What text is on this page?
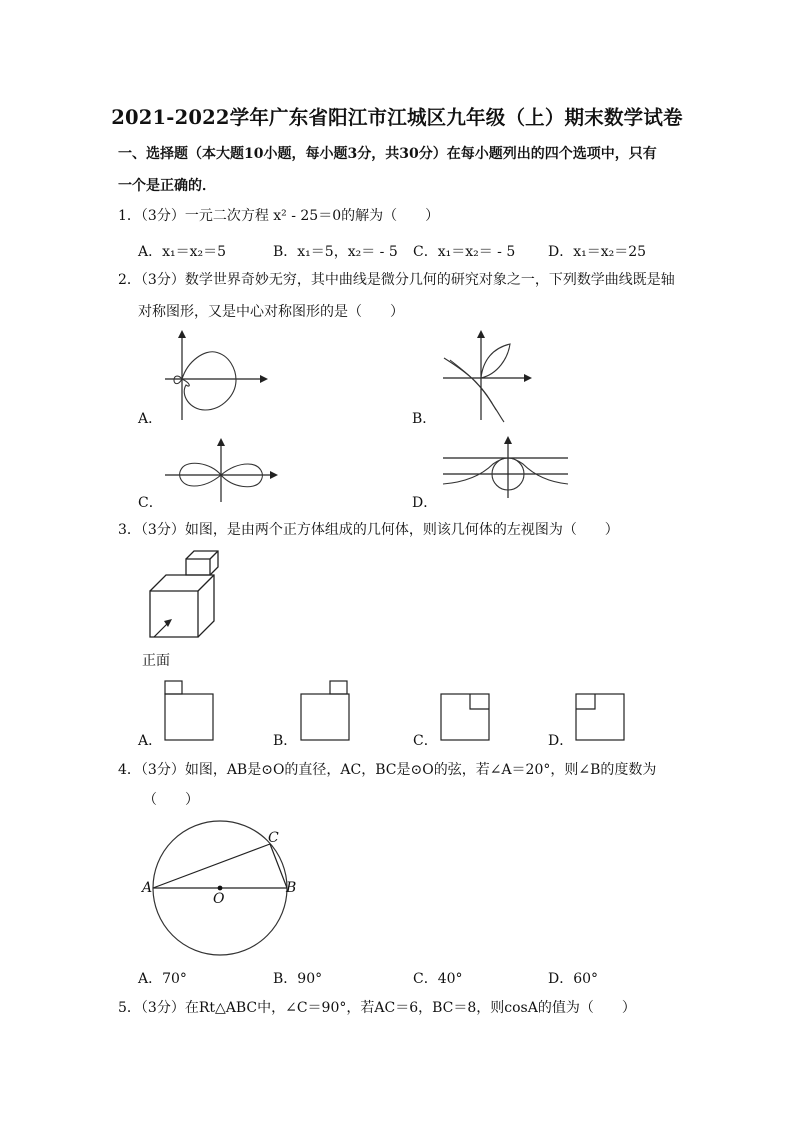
2021-2022学年广东省阳江市江城区九年级（上）期末数学试卷
一、选择题（本大题10小题，每小题3分，共30分）在每小题列出的四个选项中，只有
一个是正确的．
1．（3分）一元二次方程 x² - 25＝0的解为（　　）
A．x₁＝x₂＝5	B．x₁＝5，x₂＝ - 5 C．x₁＝x₂＝ - 5 D．x₁＝x₂＝25
2．（3分）数学世界奇妙无穷，其中曲线是微分几何的研究对象之一，下列数学曲线既是轴
对称图形，又是中心对称图形的是（　　）
A．	B．
C．	D．
3．（3分）如图，是由两个正方体组成的几何体，则该几何体的左视图为（　　）
正面
A．	B．	C．	D．
4．（3分）如图，AB是⊙O的直径，AC，BC是⊙O的弦，若∠A＝20°，则∠B的度数为
（　　）
A	B
C
O
A．70°	B．90°	C．40°	D．60°
5．（3分）在Rt△ABC中，∠C＝90°，若AC＝6，BC＝8，则cosA的值为（　　）
